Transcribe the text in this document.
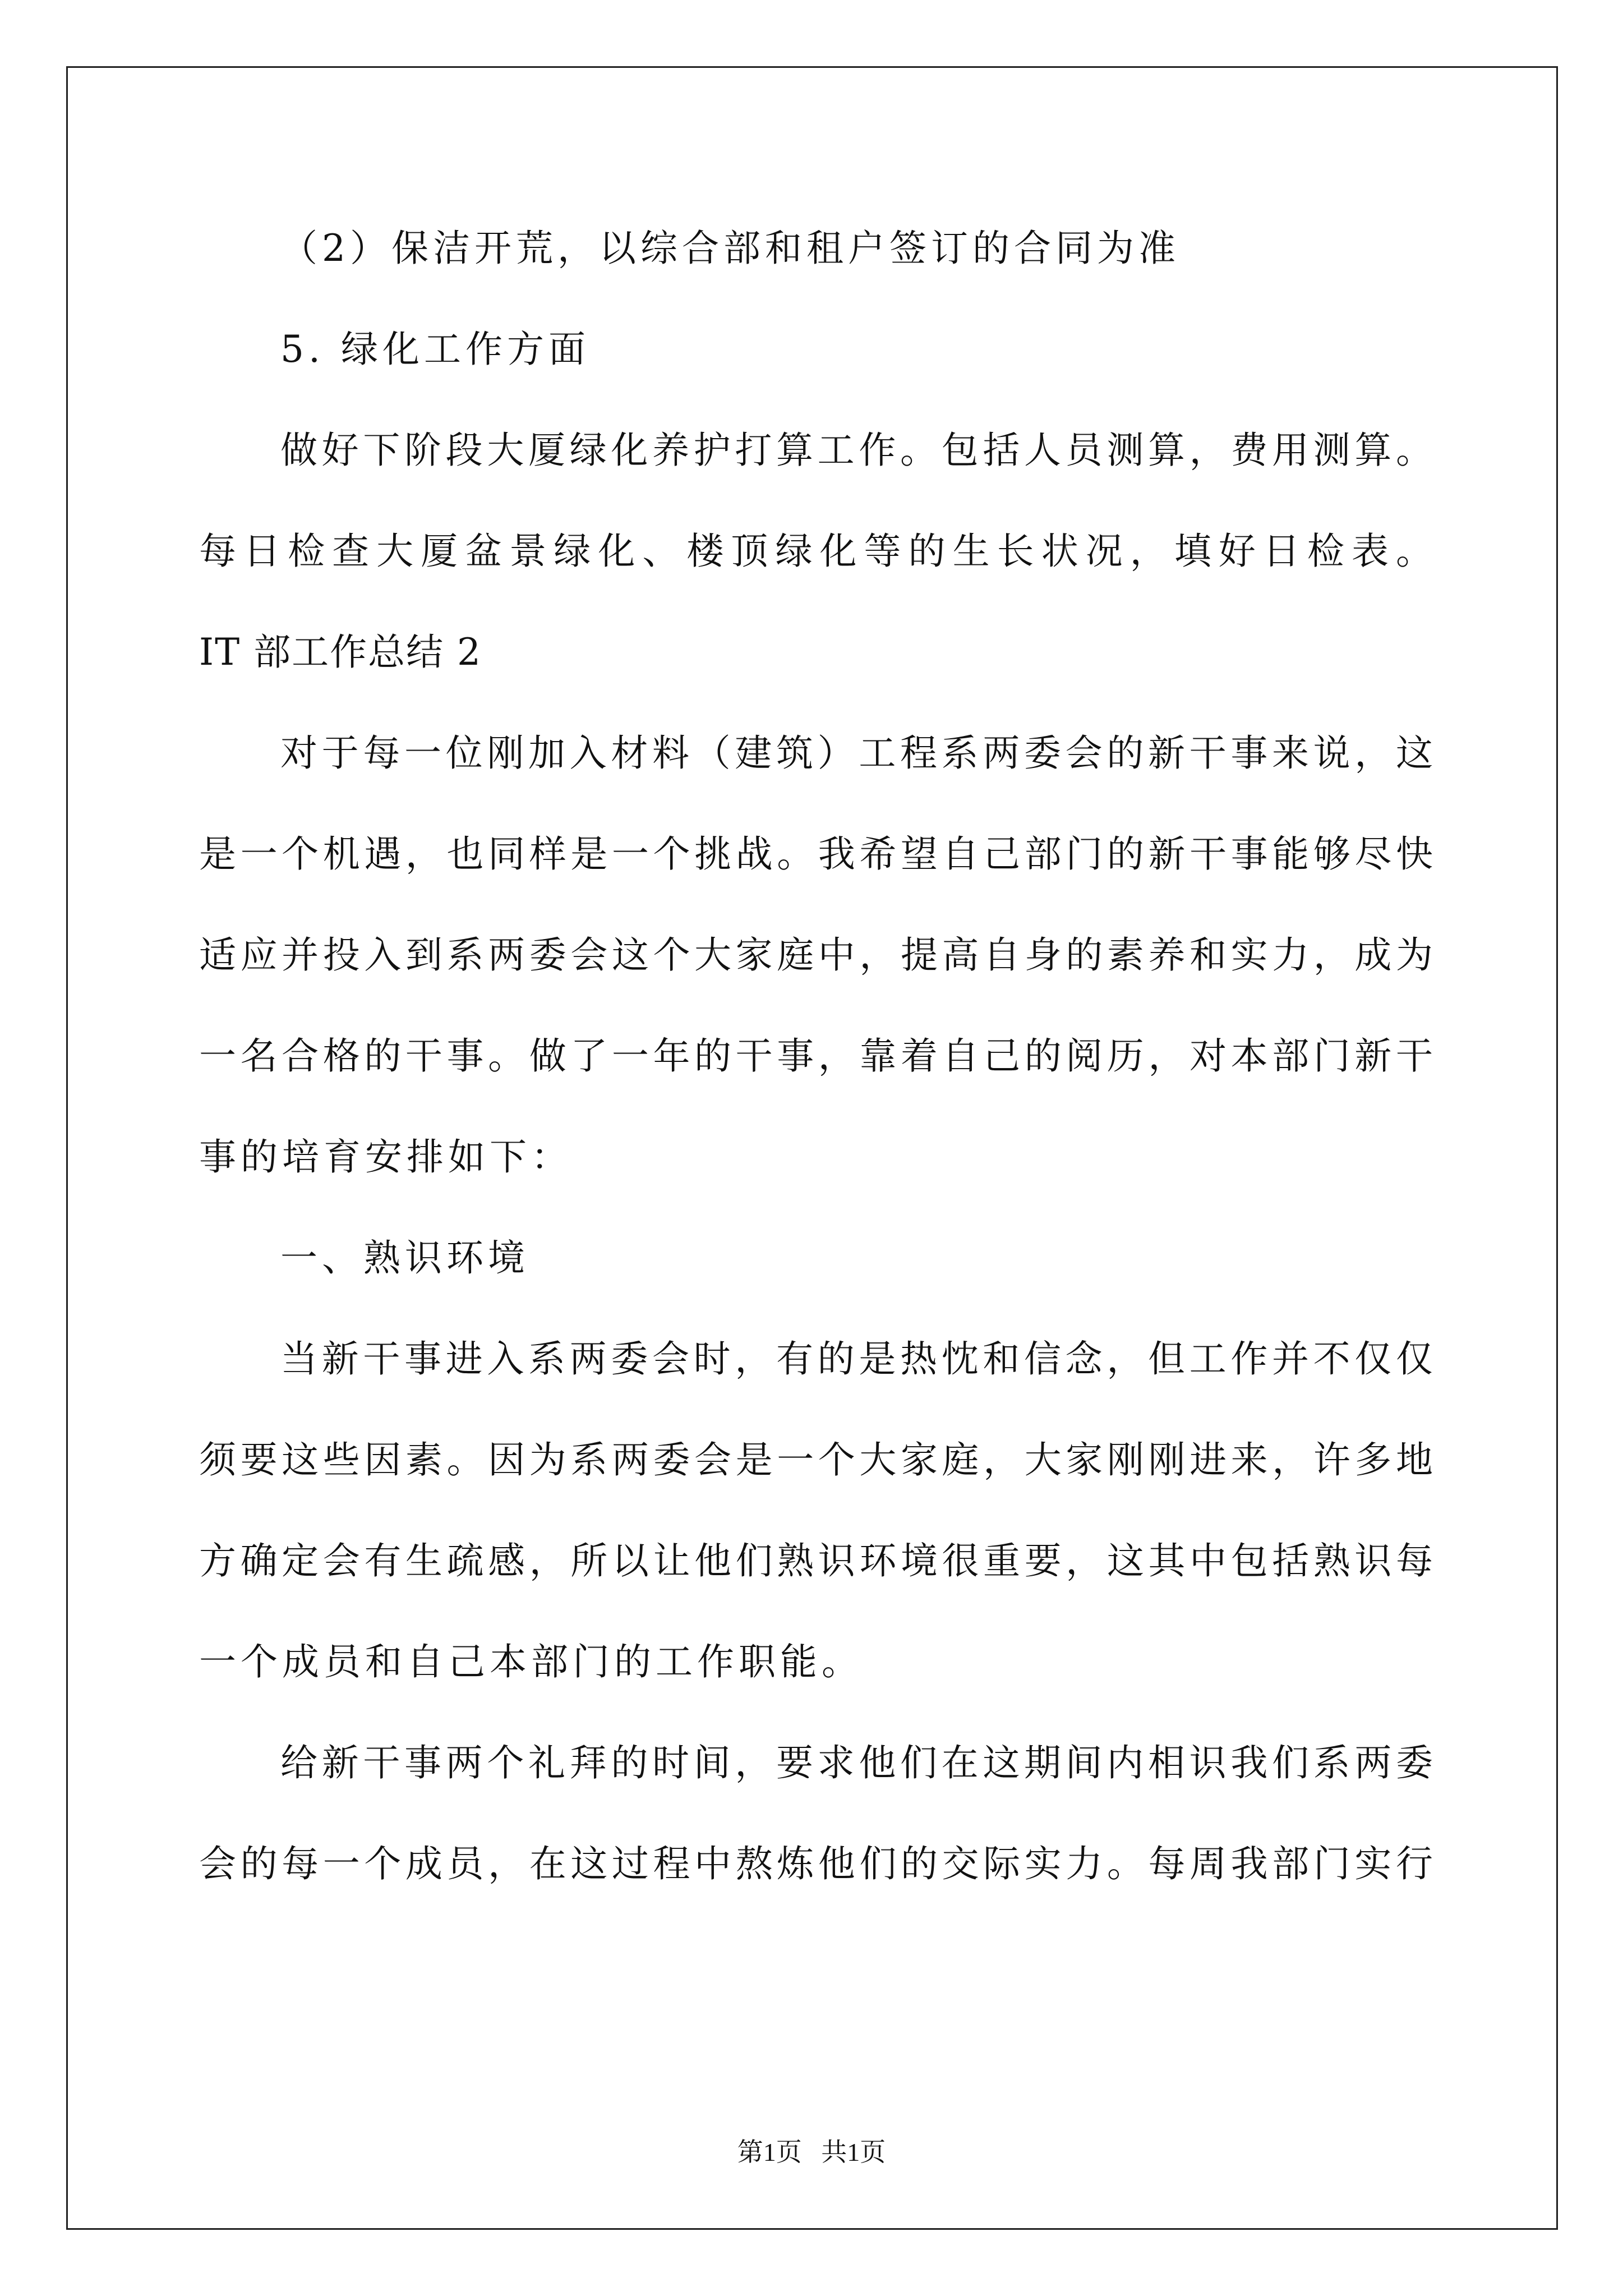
（2）保洁开荒，以综合部和租户签订的合同为准
5. 绿化工作方面
做好下阶段大厦绿化养护打算工作。包括人员测算，费用测算。
每日检查大厦盆景绿化、楼顶绿化等的生长状况，填好日检表。
IT 部工作总结 2
对于每一位刚加入材料（建筑）工程系两委会的新干事来说，这
是一个机遇，也同样是一个挑战。我希望自己部门的新干事能够尽快
适应并投入到系两委会这个大家庭中，提高自身的素养和实力，成为
一名合格的干事。做了一年的干事，靠着自己的阅历，对本部门新干
事的培育安排如下：
一、熟识环境
当新干事进入系两委会时，有的是热忱和信念，但工作并不仅仅
须要这些因素。因为系两委会是一个大家庭，大家刚刚进来，许多地
方确定会有生疏感，所以让他们熟识环境很重要，这其中包括熟识每
一个成员和自己本部门的工作职能。
给新干事两个礼拜的时间，要求他们在这期间内相识我们系两委
会的每一个成员，在这过程中熬炼他们的交际实力。每周我部门实行
第1页   共1页
